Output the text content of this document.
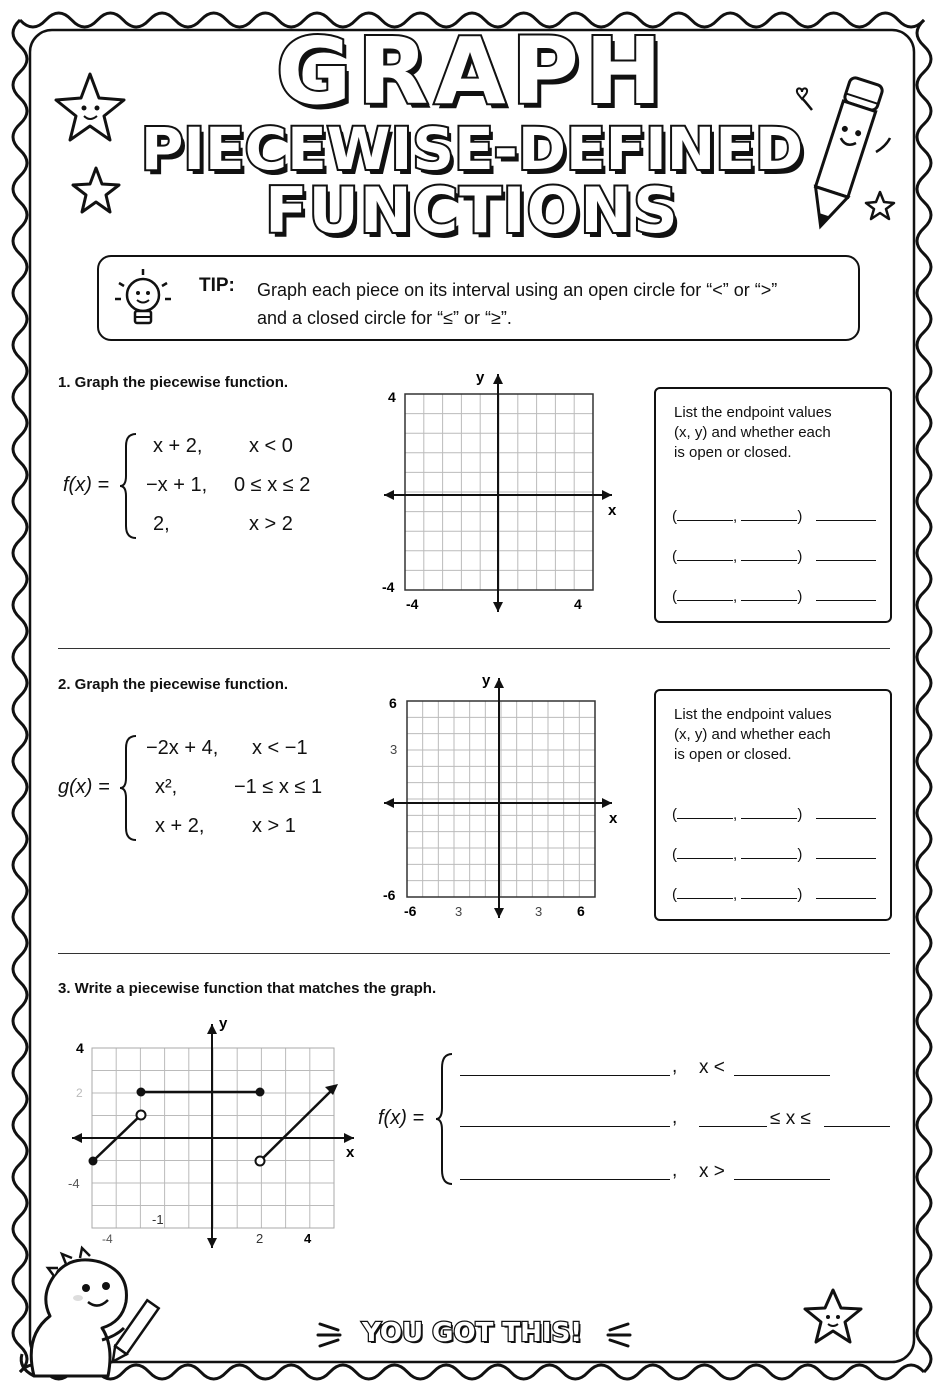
GRAPH
PIECEWISE-DEFINED
FUNCTIONS
TIP: Graph each piece on its interval using an open circle for “<” or “>”
and a closed circle for “≤” or “≥”.
1. Graph the piecewise function.
f(x) =
x + 2, x < 0
−x + 1, 0 ≤ x ≤ 2
2,	x > 2
y
x
4
-4
-4	4
List the endpoint values (x, y) and whether each is open or closed.
(	,	)
(	,	)
(	,	)
2. Graph the piecewise function.
g(x) =
−2x + 4, x < −1
x²,	−1 ≤ x ≤ 1
x + 2, x > 1
y
x
6
3
-6
-6	3	3 6
List the endpoint values (x, y) and whether each is open or closed.
(	,	)
(	,	)
(	,	)
3. Write a piecewise function that matches the graph.
y
x
4
2
-4
-1
-4	2	4
f(x) =
, x <
,	≤ x ≤
, x >
YOU GOT THIS!
